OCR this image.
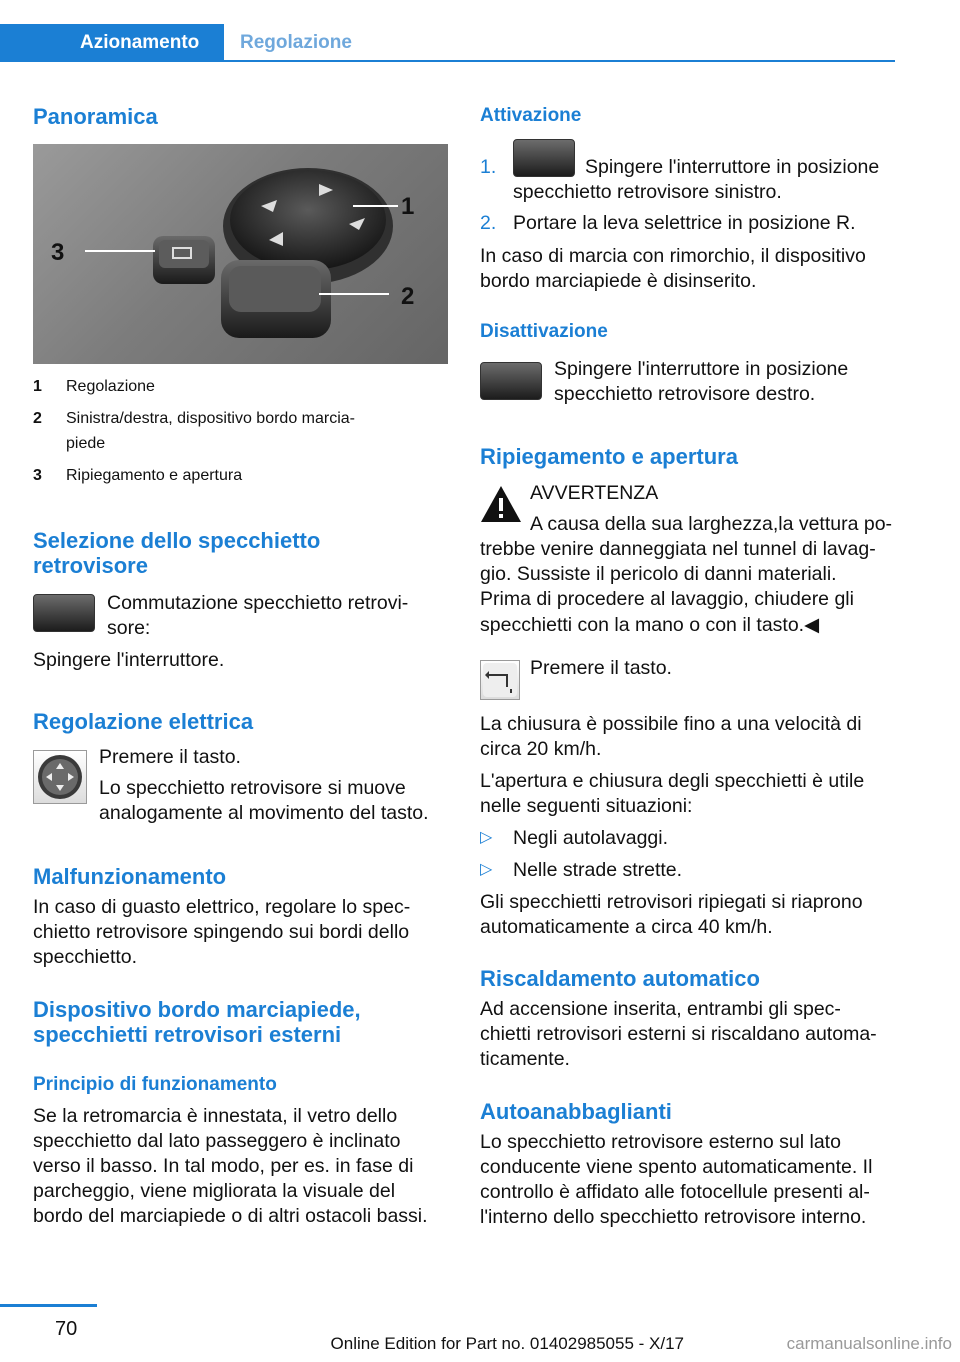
Azionamento	Regolazione
Panoramica
1
3
2
1 Regolazione
2 Sinistra/destra, dispositivo bordo marcia‐
piede
3 Ripiegamento e apertura
Selezione dello specchietto
retrovisore
Commutazione specchietto retrovi‐
sore:
Spingere l'interruttore.
Regolazione elettrica
Premere il tasto.
Lo specchietto retrovisore si muove
analogamente al movimento del tasto.
Malfunzionamento
In caso di guasto elettrico, regolare lo spec‐
chietto retrovisore spingendo sui bordi dello
specchietto.
Dispositivo bordo marciapiede,
specchietti retrovisori esterni
Principio di funzionamento
Se la retromarcia è innestata, il vetro dello
specchietto dal lato passeggero è inclinato
verso il basso. In tal modo, per es. in fase di
parcheggio, viene migliorata la visuale del
bordo del marciapiede o di altri ostacoli bassi.
Attivazione
1.	Spingere l'interruttore in posizione
specchietto retrovisore sinistro.
2. Portare la leva selettrice in posizione R.
In caso di marcia con rimorchio, il dispositivo
bordo marciapiede è disinserito.
Disattivazione
Spingere l'interruttore in posizione
specchietto retrovisore destro.
Ripiegamento e apertura
AVVERTENZA
A causa della sua larghezza,la vettura po‐
trebbe venire danneggiata nel tunnel di lavag‐
gio. Sussiste il pericolo di danni materiali.
Prima di procedere al lavaggio, chiudere gli
specchietti con la mano o con il tasto.◀
Premere il tasto.
La chiusura è possibile fino a una velocità di
circa 20 km/h.
L'apertura e chiusura degli specchietti è utile
nelle seguenti situazioni:
▷ Negli autolavaggi.
▷ Nelle strade strette.
Gli specchietti retrovisori ripiegati si riaprono
automaticamente a circa 40 km/h.
Riscaldamento automatico
Ad accensione inserita, entrambi gli spec‐
chietti retrovisori esterni si riscaldano automa‐
ticamente.
Autoanabbaglianti
Lo specchietto retrovisore esterno sul lato
conducente viene spento automaticamente. Il
controllo è affidato alle fotocellule presenti al‐
l'interno dello specchietto retrovisore interno.
70
Online Edition for Part no. 01402985055 - X/17	carmanualsonline.info
